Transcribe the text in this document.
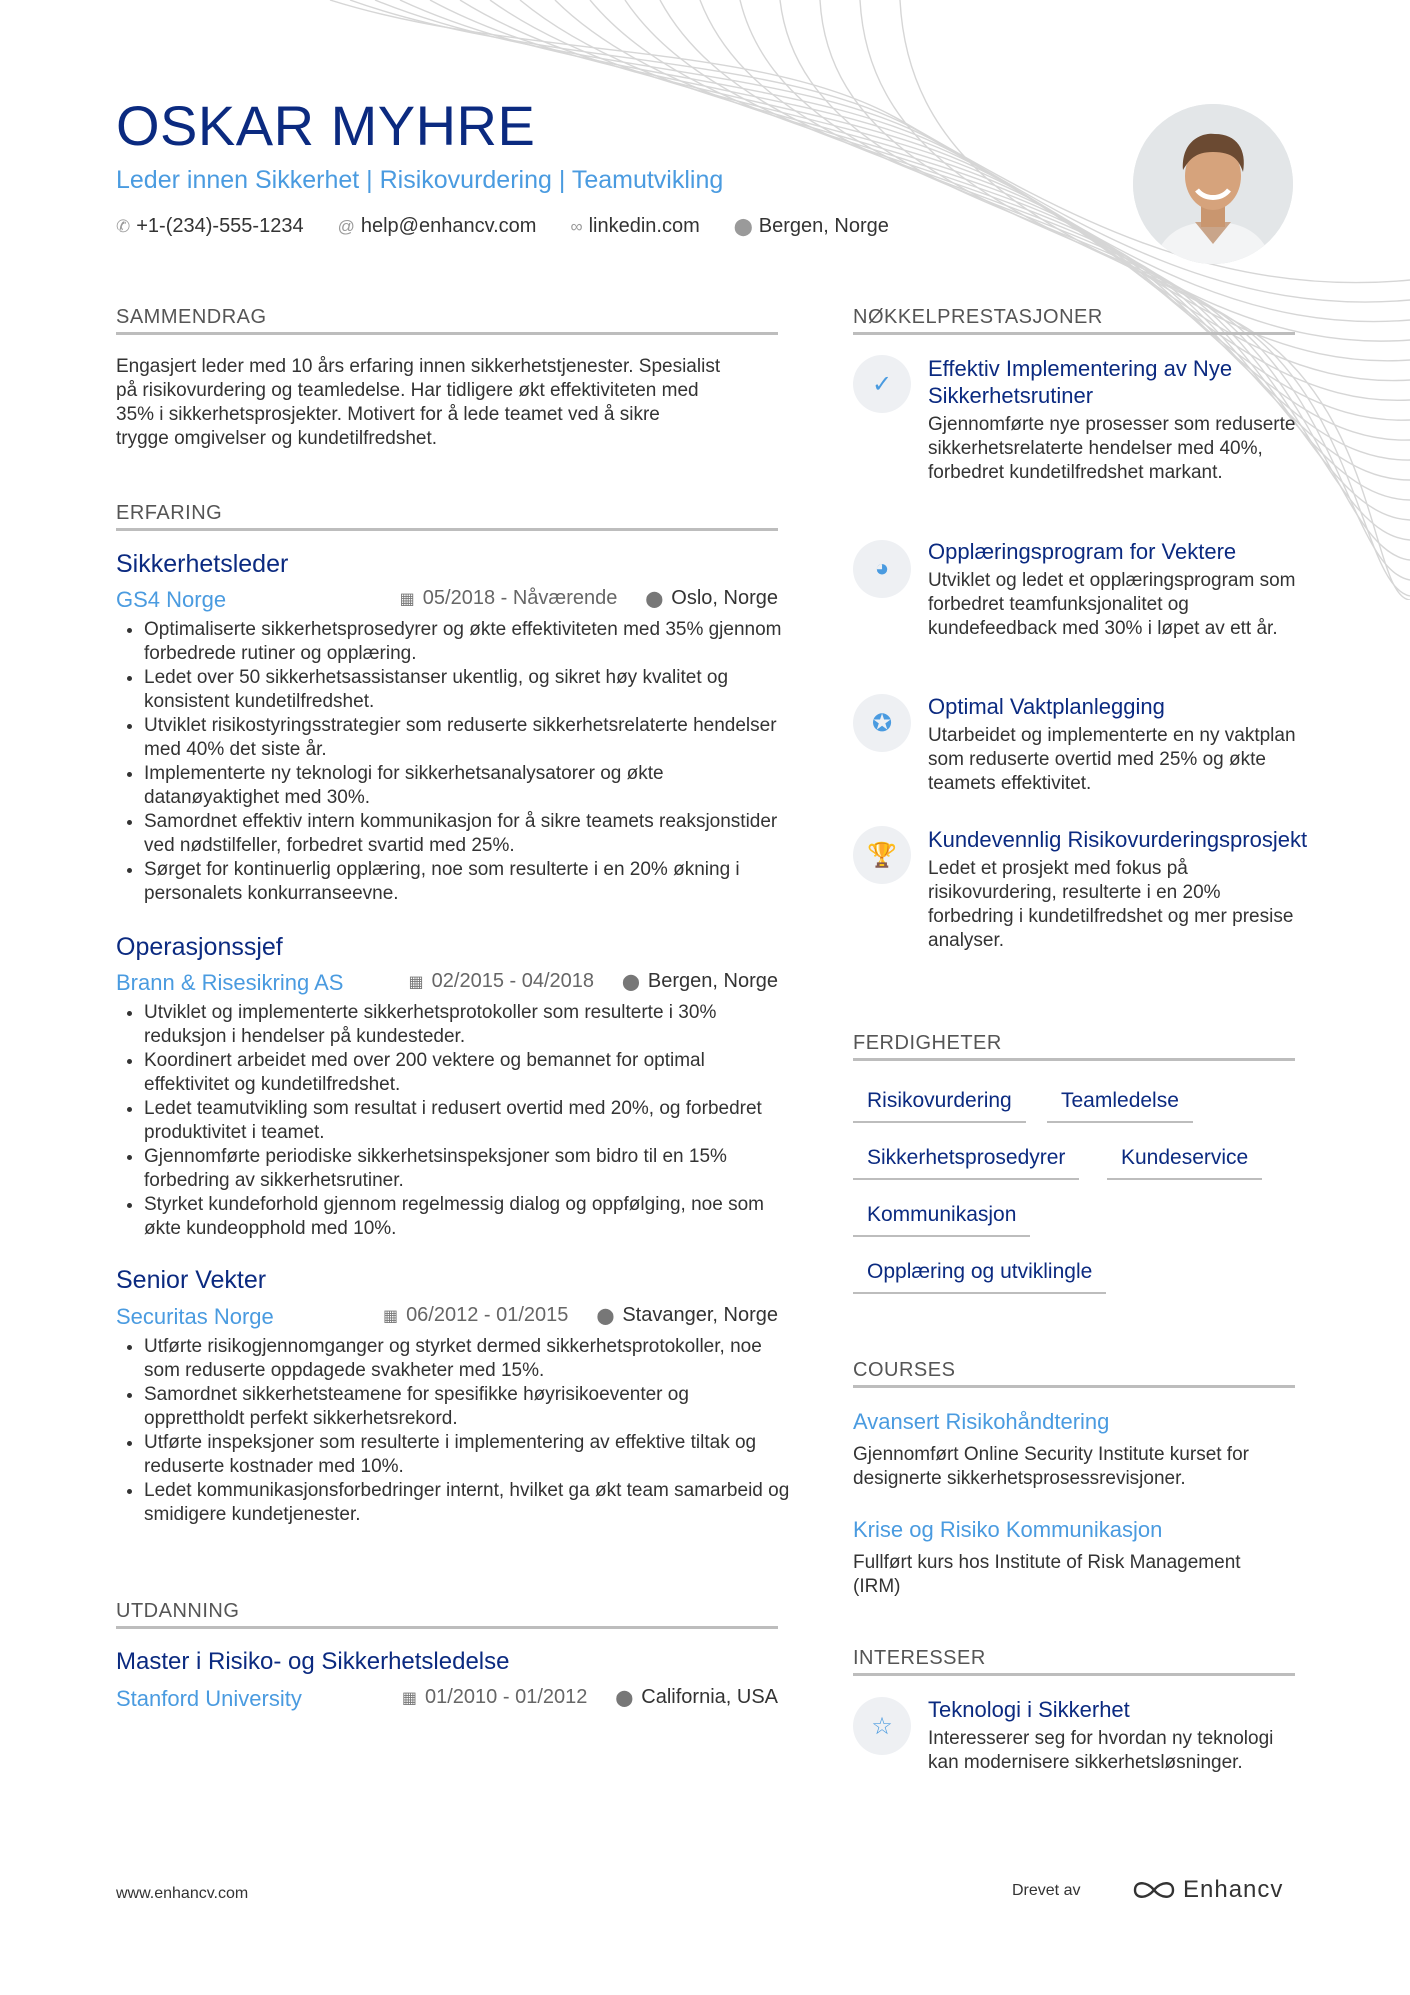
OSKAR MYHRE
Leder innen Sikkerhet | Risikovurdering | Teamutvikling
✆ +1-(234)-555-1234 @ help@enhancv.com ∞ linkedin.com ⬤ Bergen, Norge
SAMMENDRAG
Engasjert leder med 10 års erfaring innen sikkerhetstjenester. Spesialist
på risikovurdering og teamledelse. Har tidligere økt effektiviteten med
35% i sikkerhetsprosjekter. Motivert for å lede teamet ved å sikre
trygge omgivelser og kundetilfredshet.
ERFARING
Sikkerhetsleder
GS4 Norge	▦ 05/2018 - Nåværende ⬤ Oslo, Norge
• Optimaliserte sikkerhetsprosedyrer og økte effektiviteten med 35% gjennom forbedrede rutiner og opplæring.
• Ledet over 50 sikkerhetsassistanser ukentlig, og sikret høy kvalitet og konsistent kundetilfredshet.
• Utviklet risikostyringsstrategier som reduserte sikkerhetsrelaterte hendelser med 40% det siste år.
• Implementerte ny teknologi for sikkerhetsanalysatorer og økte datanøyaktighet med 30%.
• Samordnet effektiv intern kommunikasjon for å sikre teamets reaksjonstider ved nødstilfeller, forbedret svartid med 25%.
• Sørget for kontinuerlig opplæring, noe som resulterte i en 20% økning i personalets konkurranseevne.
Operasjonssjef
Brann & Risesikring AS	▦ 02/2015 - 04/2018 ⬤ Bergen, Norge
• Utviklet og implementerte sikkerhetsprotokoller som resulterte i 30% reduksjon i hendelser på kundesteder.
• Koordinert arbeidet med over 200 vektere og bemannet for optimal effektivitet og kundetilfredshet.
• Ledet teamutvikling som resultat i redusert overtid med 20%, og forbedret produktivitet i teamet.
• Gjennomførte periodiske sikkerhetsinspeksjoner som bidro til en 15% forbedring av sikkerhetsrutiner.
• Styrket kundeforhold gjennom regelmessig dialog og oppfølging, noe som økte kundeopphold med 10%.
Senior Vekter
Securitas Norge	▦ 06/2012 - 01/2015 ⬤ Stavanger, Norge
• Utførte risikogjennomganger og styrket dermed sikkerhetsprotokoller, noe som reduserte oppdagede svakheter med 15%.
• Samordnet sikkerhetsteamene for spesifikke høyrisikoeventer og opprettholdt perfekt sikkerhetsrekord.
• Utførte inspeksjoner som resulterte i implementering av effektive tiltak og reduserte kostnader med 10%.
• Ledet kommunikasjonsforbedringer internt, hvilket ga økt team samarbeid og smidigere kundetjenester.
UTDANNING
Master i Risiko- og Sikkerhetsledelse
Stanford University	▦ 01/2010 - 01/2012 ⬤ California, USA
NØKKELPRESTASJONER
✓
Effektiv Implementering av Nye Sikkerhetsrutiner
Gjennomførte nye prosesser som reduserte sikkerhetsrelaterte hendelser med 40%, forbedret kundetilfredshet markant.
◕
Opplæringsprogram for Vektere
Utviklet og ledet et opplæringsprogram som forbedret teamfunksjonalitet og kundefeedback med 30% i løpet av ett år.
✪
Optimal Vaktplanlegging
Utarbeidet og implementerte en ny vaktplan som reduserte overtid med 25% og økte teamets effektivitet.
🏆
Kundevennlig Risikovurderingsprosjekt
Ledet et prosjekt med fokus på risikovurdering, resulterte i en 20% forbedring i kundetilfredshet og mer presise analyser.
FERDIGHETER
Risikovurdering	Teamledelse
Sikkerhetsprosedyrer	Kundeservice
Kommunikasjon
Opplæring og utviklingle
COURSES
Avansert Risikohåndtering
Gjennomført Online Security Institute kurset for designerte sikkerhetsprosessrevisjoner.
Krise og Risiko Kommunikasjon
Fullført kurs hos Institute of Risk Management (IRM)
INTERESSER
☆
Teknologi i Sikkerhet
Interesserer seg for hvordan ny teknologi kan modernisere sikkerhetsløsninger.
www.enhancv.com	Drevet av	Enhancv
